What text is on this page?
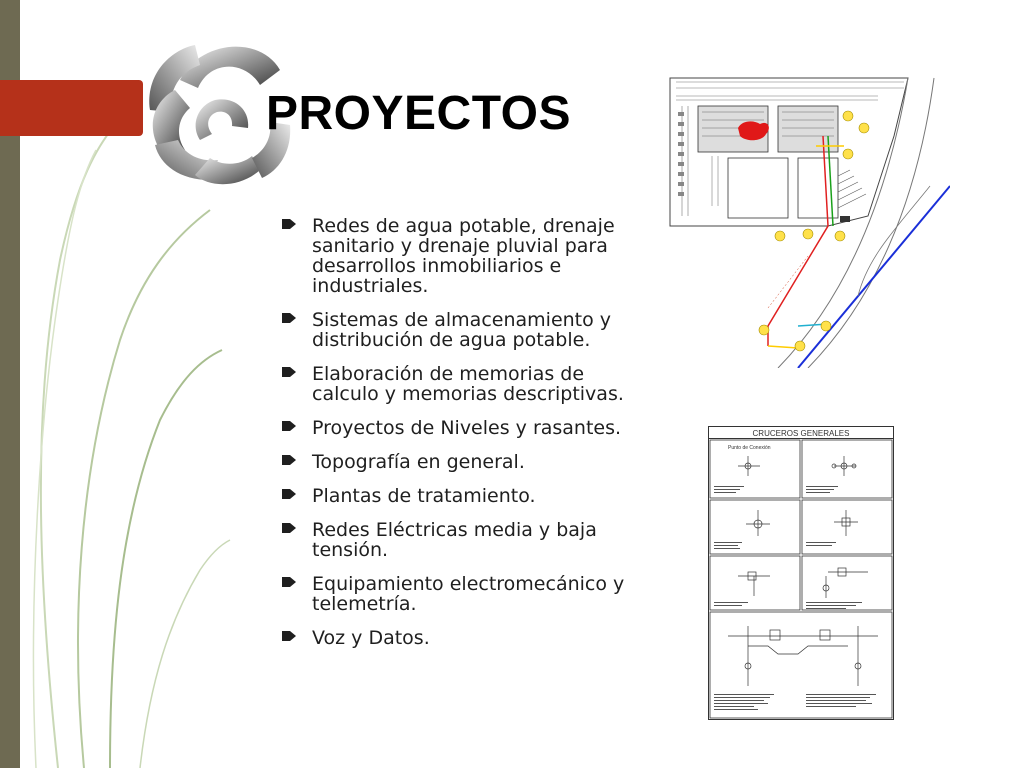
PROYECTOS
Redes de agua potable, drenaje sanitario y drenaje pluvial para desarrollos inmobiliarios e industriales.
Sistemas de almacenamiento y distribución de agua potable.
Elaboración de memorias de calculo y memorias descriptivas.
Proyectos de Niveles y rasantes.
Topografía en general.
Plantas de tratamiento.
Redes Eléctricas media y baja tensión.
Equipamiento electromecánico y telemetría.
Voz y Datos.
CRUCEROS GENERALES
Punto de Conexión
